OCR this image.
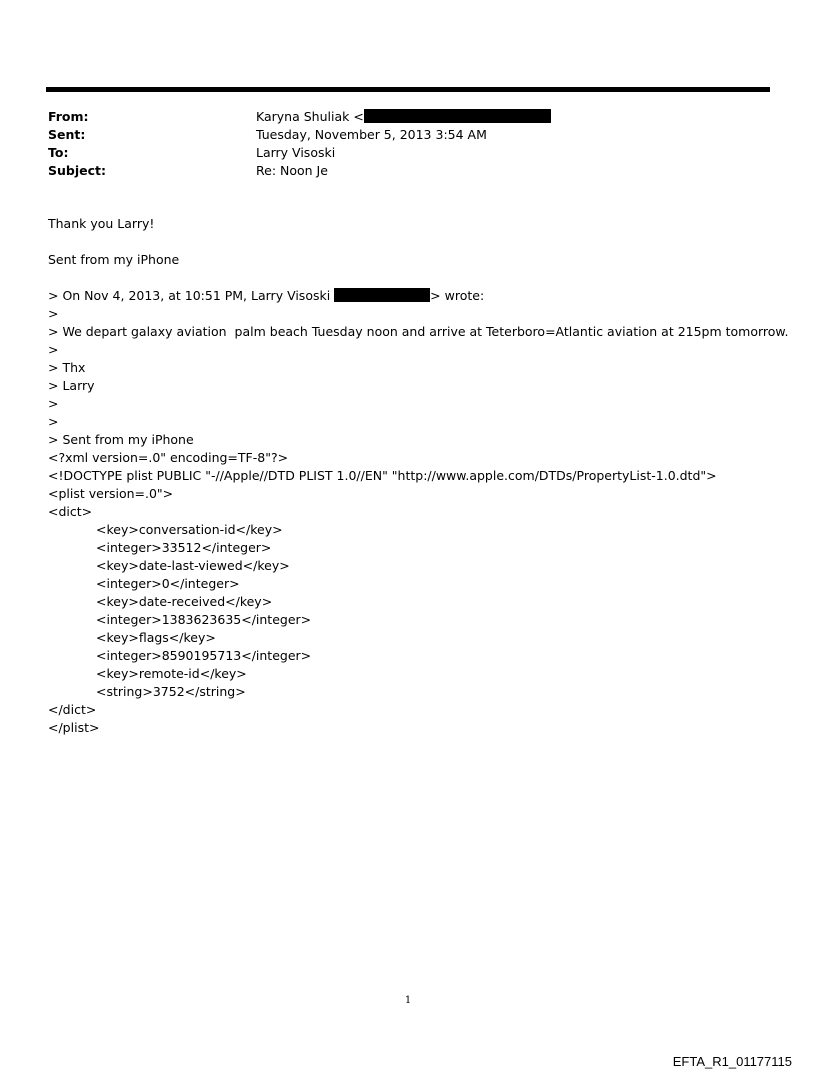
From:	Karyna Shuliak <
Sent:	Tuesday, November 5, 2013 3:54 AM
To:	Larry Visoski
Subject:	Re: Noon Je
Thank you Larry!
Sent from my iPhone
> On Nov 4, 2013, at 10:51 PM, Larry Visoski	> wrote:
>
> We depart galaxy aviation  palm beach Tuesday noon and arrive at Teterboro=Atlantic aviation at 215pm tomorrow.
>
> Thx
> Larry
>
>
> Sent from my iPhone
<?xml version=.0" encoding=TF-8"?>
<!DOCTYPE plist PUBLIC "-//Apple//DTD PLIST 1.0//EN" "http://www.apple.com/DTDs/PropertyList-1.0.dtd">
<plist version=.0">
<dict>
<key>conversation-id</key>
<integer>33512</integer>
<key>date-last-viewed</key>
<integer>0</integer>
<key>date-received</key>
<integer>1383623635</integer>
<key>flags</key>
<integer>8590195713</integer>
<key>remote-id</key>
<string>3752</string>
</dict>
</plist>
1
EFTA_R1_01177115
